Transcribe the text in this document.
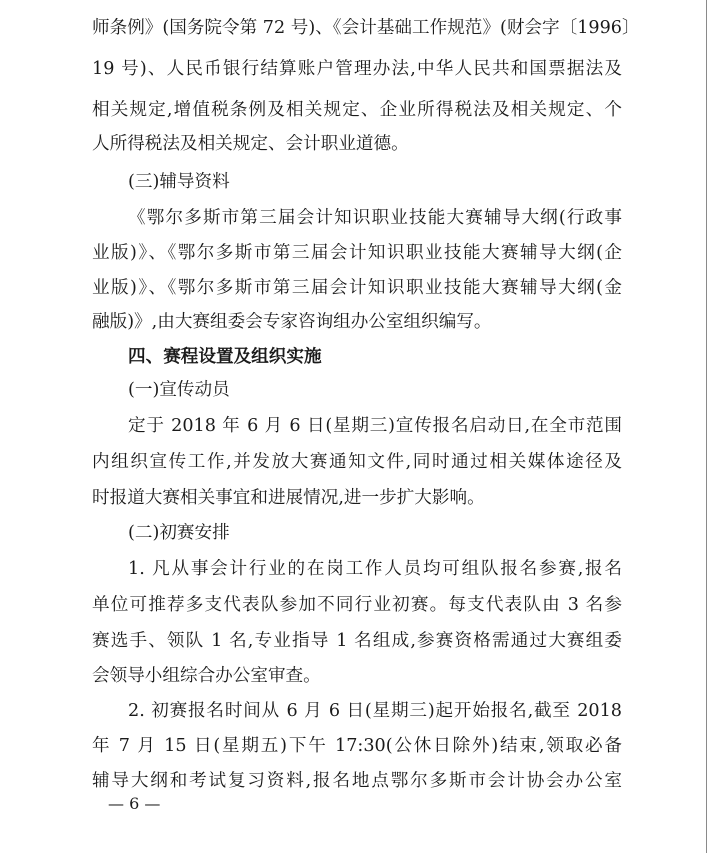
师条例》(国务院令第 72 号)、《会计基础工作规范》(财会字〔1996〕
19 号)、人民币银行结算账户管理办法,中华人民共和国票据法及
相关规定,增值税条例及相关规定、企业所得税法及相关规定、个
人所得税法及相关规定、会计职业道德。
(三)辅导资料
《鄂尔多斯市第三届会计知识职业技能大赛辅导大纲(行政事
业版)》、《鄂尔多斯市第三届会计知识职业技能大赛辅导大纲(企
业版)》、《鄂尔多斯市第三届会计知识职业技能大赛辅导大纲(金
融版)》,由大赛组委会专家咨询组办公室组织编写。
四、赛程设置及组织实施
(一)宣传动员
定于 2018 年 6 月 6 日(星期三)宣传报名启动日,在全市范围
内组织宣传工作,并发放大赛通知文件,同时通过相关媒体途径及
时报道大赛相关事宜和进展情况,进一步扩大影响。
(二)初赛安排
1. 凡从事会计行业的在岗工作人员均可组队报名参赛,报名
单位可推荐多支代表队参加不同行业初赛。每支代表队由 3 名参
赛选手、领队 1 名,专业指导 1 名组成,参赛资格需通过大赛组委
会领导小组综合办公室审查。
2. 初赛报名时间从 6 月 6 日(星期三)起开始报名,截至 2018
年 7 月 15 日(星期五)下午 17:30(公休日除外)结束,领取必备
辅导大纲和考试复习资料,报名地点鄂尔多斯市会计协会办公室
— 6 —
